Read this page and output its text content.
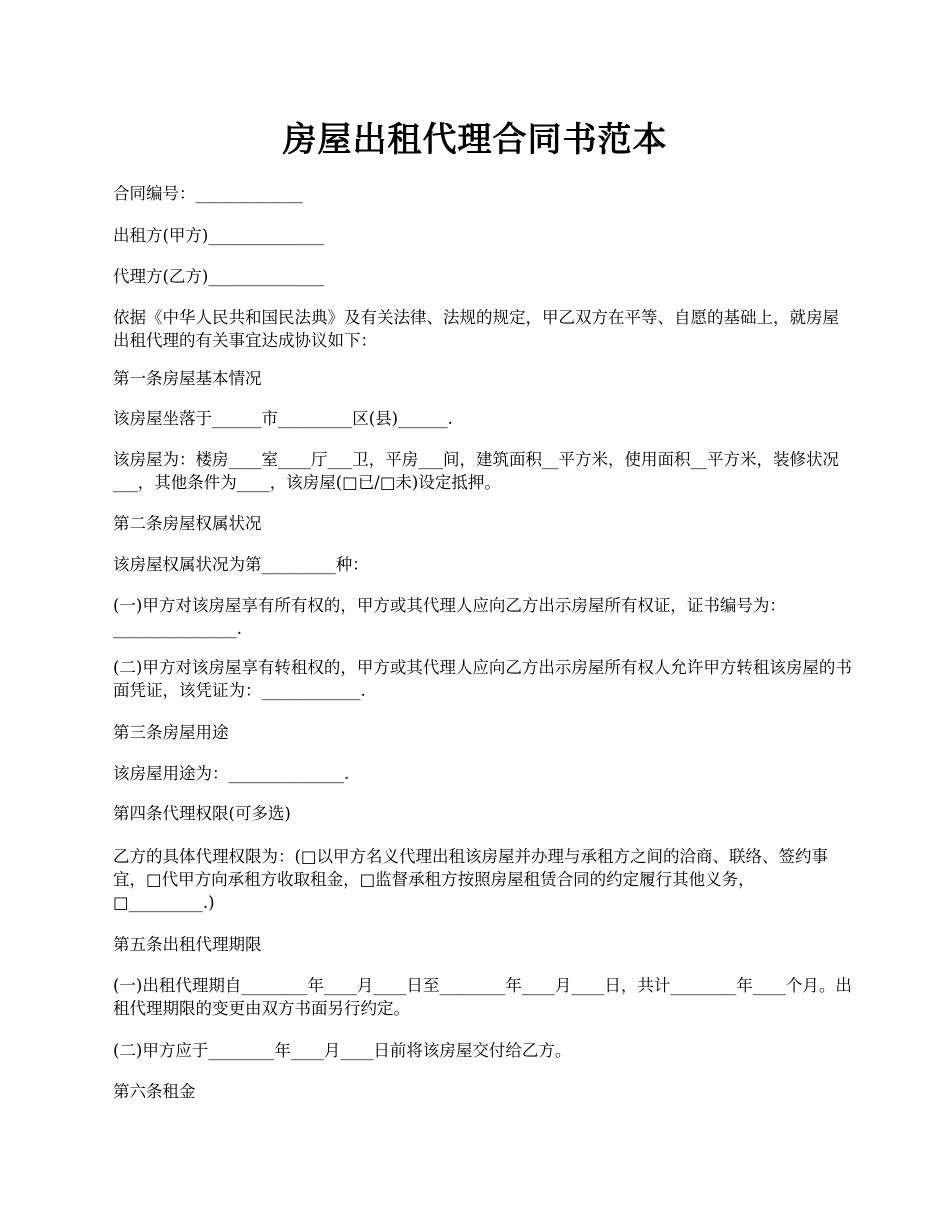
房屋出租代理合同书范本

合同编号：_____________

出租方(甲方)______________

代理方(乙方)______________

依据《中华人民共和国民法典》及有关法律、法规的规定，甲乙双方在平等、自愿的基础上，就房屋出租代理的有关事宜达成协议如下：

第一条房屋基本情况

该房屋坐落于______市_________区(县)______.

该房屋为：楼房____室____厅___卫，平房___间，建筑面积__平方米，使用面积__平方米，装修状况___，其他条件为____，该房屋(□已/□未)设定抵押。

第二条房屋权属状况

该房屋权属状况为第_________种：

(一)甲方对该房屋享有所有权的，甲方或其代理人应向乙方出示房屋所有权证，证书编号为：_______________.

(二)甲方对该房屋享有转租权的，甲方或其代理人应向乙方出示房屋所有权人允许甲方转租该房屋的书面凭证，该凭证为：____________.

第三条房屋用途

该房屋用途为：______________.

第四条代理权限(可多选)

乙方的具体代理权限为：(□以甲方名义代理出租该房屋并办理与承租方之间的洽商、联络、签约事宜，□代甲方向承租方收取租金，□监督承租方按照房屋租赁合同的约定履行其他义务，□_________.)

第五条出租代理期限

(一)出租代理期自________年____月____日至________年____月____日，共计________年____个月。出租代理期限的变更由双方书面另行约定。

(二)甲方应于________年____月____日前将该房屋交付给乙方。

第六条租金
